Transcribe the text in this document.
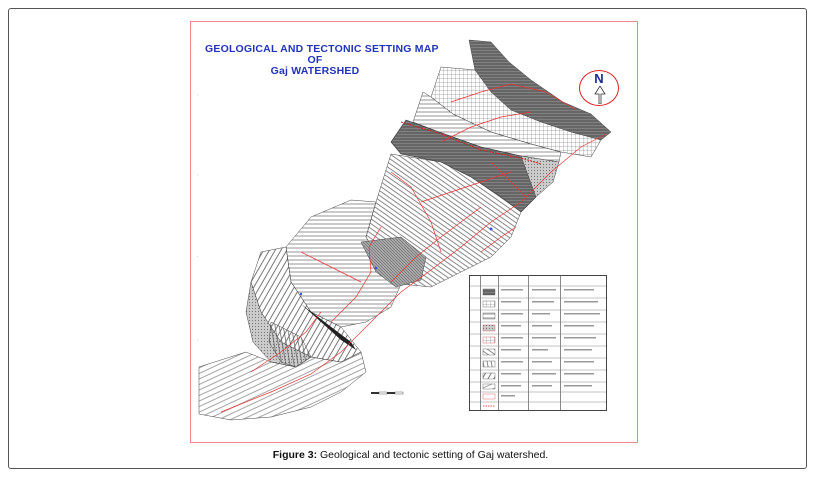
GEOLOGICAL AND TECTONIC SETTING MAP
OF
Gaj WATERSHED
·
·
·
·
N
Figure 3: Geological and tectonic setting of Gaj watershed.
